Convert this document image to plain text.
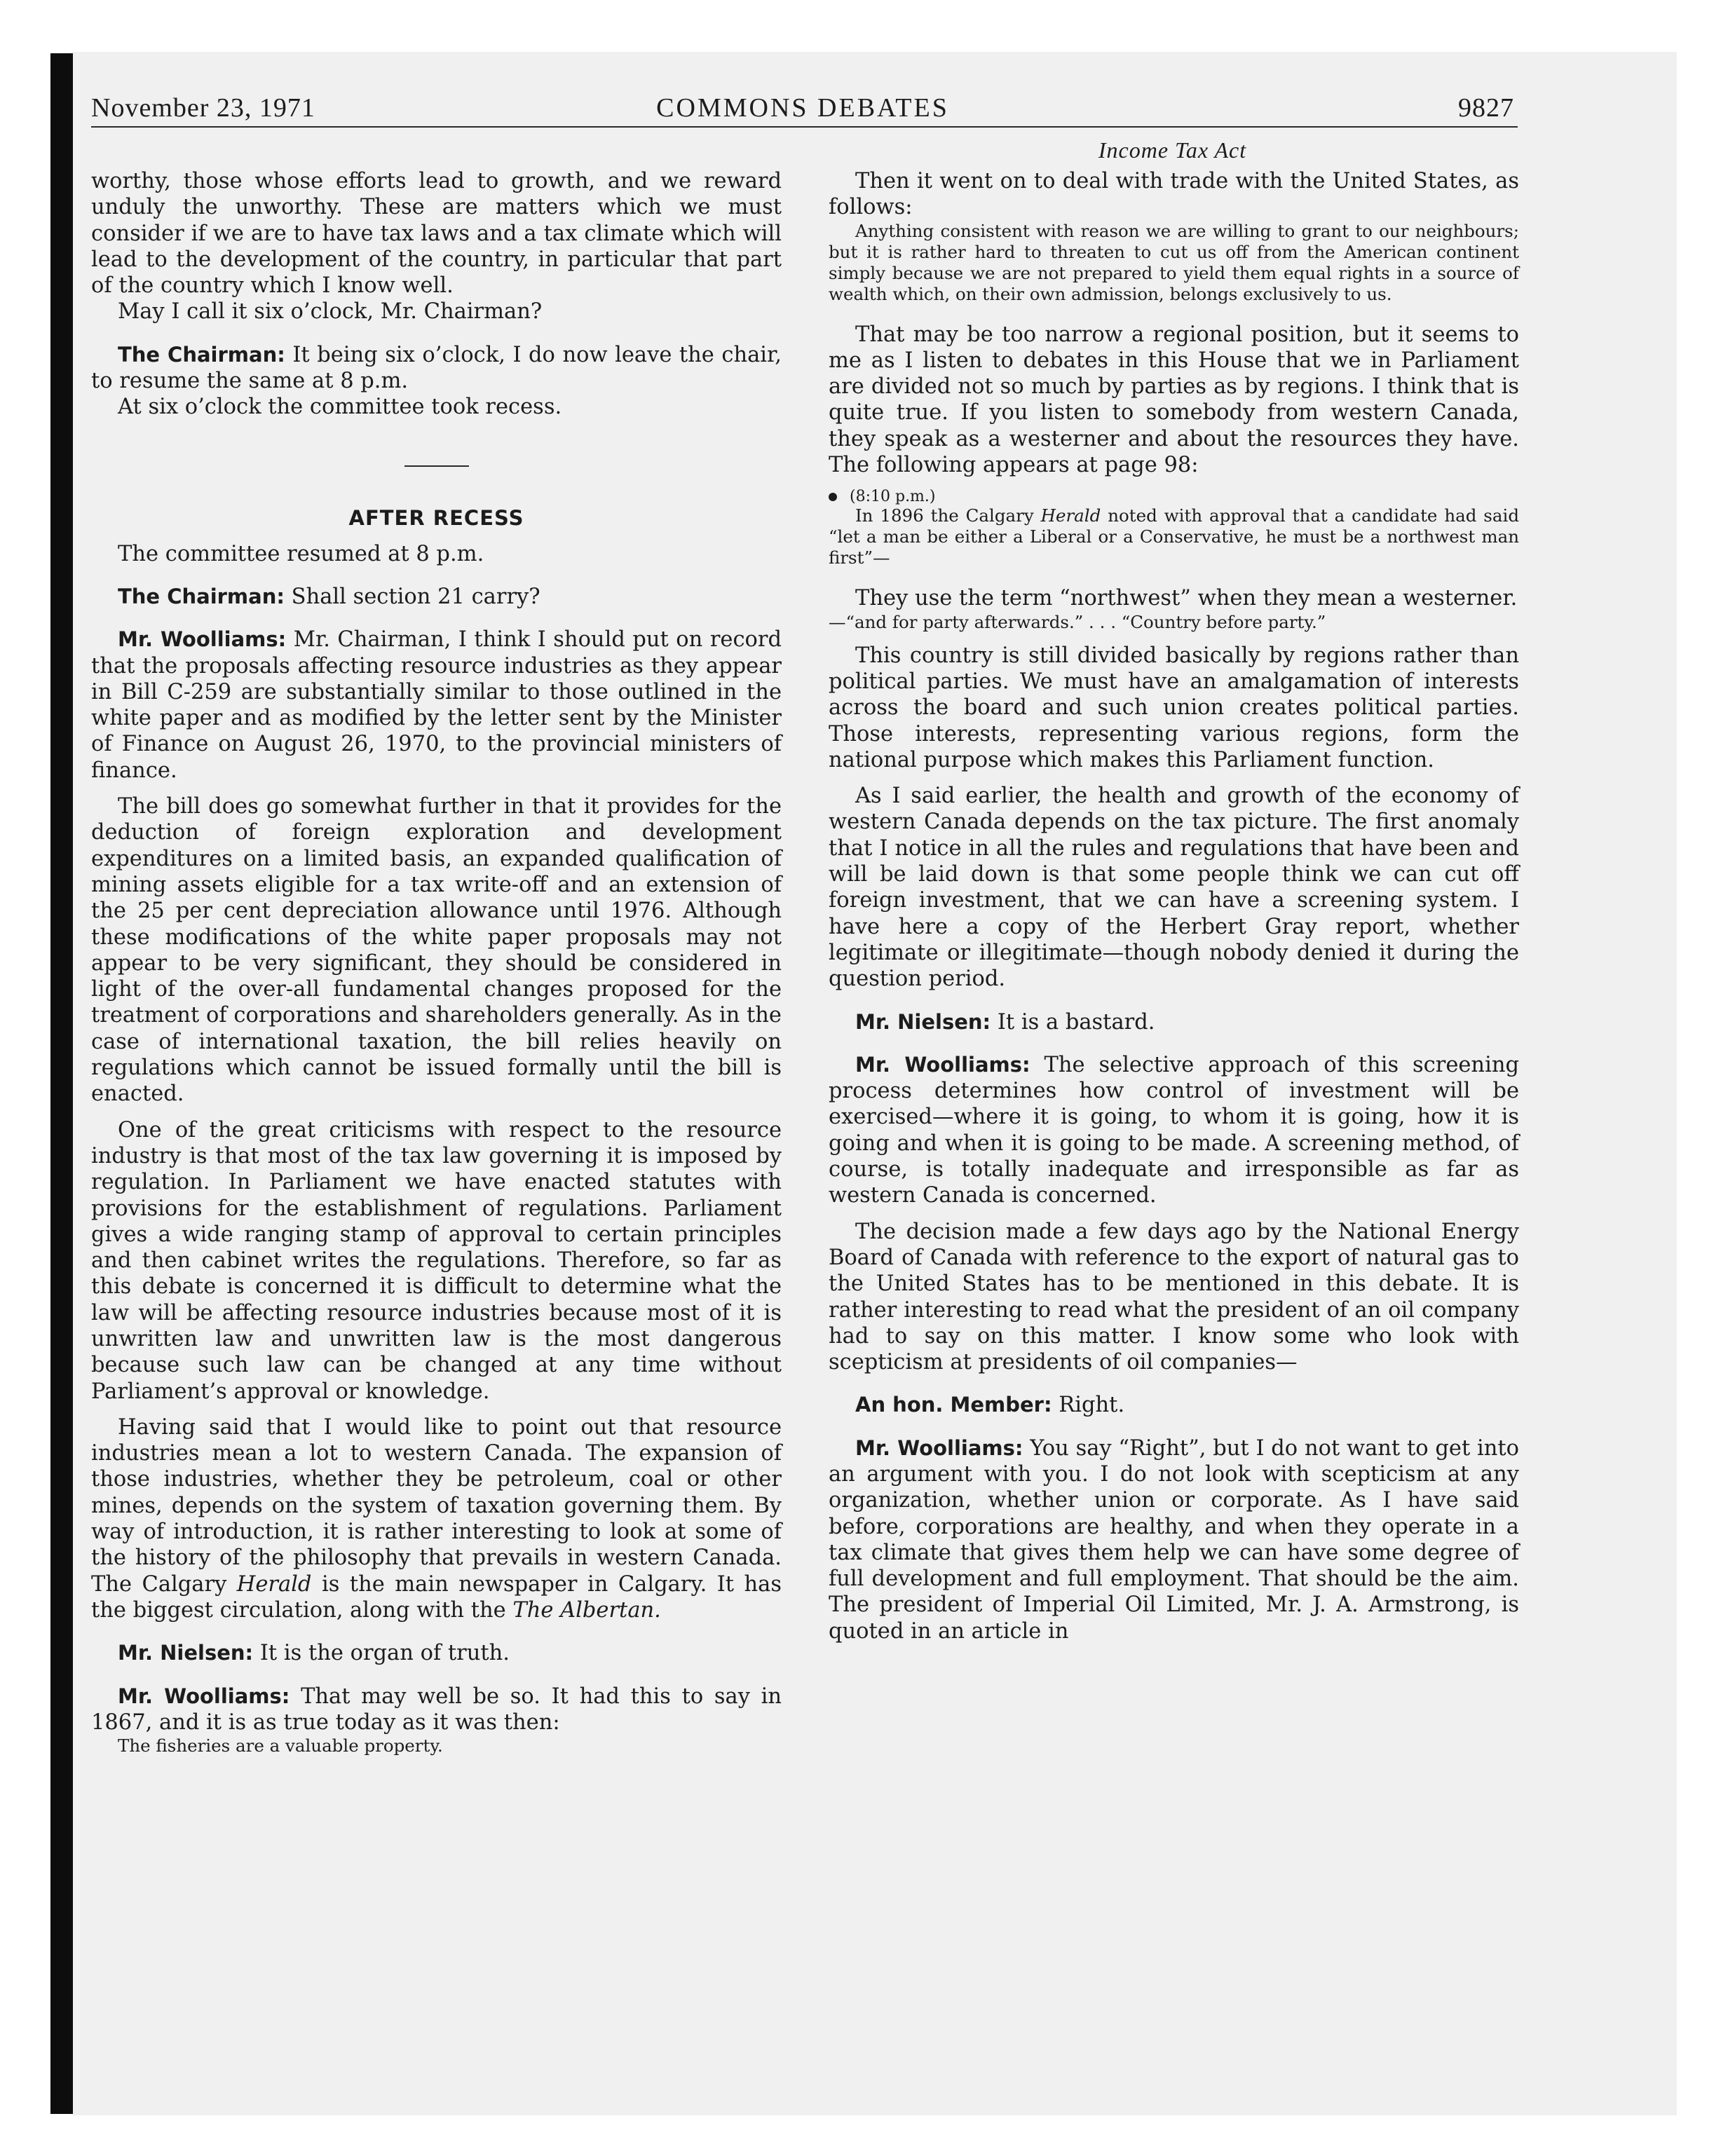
November 23, 1971	COMMONS DEBATES	9827
Income Tax Act

worthy, those whose efforts lead to growth, and we reward unduly the unworthy. These are matters which we must consider if we are to have tax laws and a tax climate which will lead to the development of the country, in particular that part of the country which I know well.

May I call it six o’clock, Mr. Chairman?

The Chairman: It being six o’clock, I do now leave the chair, to resume the same at 8 p.m.

At six o’clock the committee took recess.

AFTER RECESS

The committee resumed at 8 p.m.

The Chairman: Shall section 21 carry?

Mr. Woolliams: Mr. Chairman, I think I should put on record that the proposals affecting resource industries as they appear in Bill C-259 are substantially similar to those outlined in the white paper and as modified by the letter sent by the Minister of Finance on August 26, 1970, to the provincial ministers of finance.

The bill does go somewhat further in that it provides for the deduction of foreign exploration and development expenditures on a limited basis, an expanded qualification of mining assets eligible for a tax write-off and an extension of the 25 per cent depreciation allowance until 1976. Although these modifications of the white paper proposals may not appear to be very significant, they should be considered in light of the over-all fundamental changes proposed for the treatment of corporations and shareholders generally. As in the case of international taxation, the bill relies heavily on regulations which cannot be issued formally until the bill is enacted.

One of the great criticisms with respect to the resource industry is that most of the tax law governing it is imposed by regulation. In Parliament we have enacted statutes with provisions for the establishment of regulations. Parliament gives a wide ranging stamp of approval to certain principles and then cabinet writes the regulations. Therefore, so far as this debate is concerned it is difficult to determine what the law will be affecting resource industries because most of it is unwritten law and unwritten law is the most dangerous because such law can be changed at any time without Parliament’s approval or knowledge.

Having said that I would like to point out that resource industries mean a lot to western Canada. The expansion of those industries, whether they be petroleum, coal or other mines, depends on the system of taxation governing them. By way of introduction, it is rather interesting to look at some of the history of the philosophy that prevails in western Canada. The Calgary Herald is the main newspaper in Calgary. It has the biggest circulation, along with the The Albertan.

Mr. Nielsen: It is the organ of truth.

Mr. Woolliams: That may well be so. It had this to say in 1867, and it is as true today as it was then:

The fisheries are a valuable property.

Then it went on to deal with trade with the United States, as follows:

Anything consistent with reason we are willing to grant to our neighbours; but it is rather hard to threaten to cut us off from the American continent simply because we are not prepared to yield them equal rights in a source of wealth which, on their own admission, belongs exclusively to us.

That may be too narrow a regional position, but it seems to me as I listen to debates in this House that we in Parliament are divided not so much by parties as by regions. I think that is quite true. If you listen to somebody from western Canada, they speak as a westerner and about the resources they have. The following appears at page 98:

(8:10 p.m.)

In 1896 the Calgary Herald noted with approval that a candidate had said “let a man be either a Liberal or a Conservative, he must be a northwest man first”—

They use the term “northwest” when they mean a westerner.

—“and for party afterwards.” . . . “Country before party.”

This country is still divided basically by regions rather than political parties. We must have an amalgamation of interests across the board and such union creates political parties. Those interests, representing various regions, form the national purpose which makes this Parliament function.

As I said earlier, the health and growth of the economy of western Canada depends on the tax picture. The first anomaly that I notice in all the rules and regulations that have been and will be laid down is that some people think we can cut off foreign investment, that we can have a screening system. I have here a copy of the Herbert Gray report, whether legitimate or illegitimate—though nobody denied it during the question period.

Mr. Nielsen: It is a bastard.

Mr. Woolliams: The selective approach of this screening process determines how control of investment will be exercised—where it is going, to whom it is going, how it is going and when it is going to be made. A screening method, of course, is totally inadequate and irresponsible as far as western Canada is concerned.

The decision made a few days ago by the National Energy Board of Canada with reference to the export of natural gas to the United States has to be mentioned in this debate. It is rather interesting to read what the president of an oil company had to say on this matter. I know some who look with scepticism at presidents of oil companies—

An hon. Member: Right.

Mr. Woolliams: You say “Right”, but I do not want to get into an argument with you. I do not look with scepticism at any organization, whether union or corporate. As I have said before, corporations are healthy, and when they operate in a tax climate that gives them help we can have some degree of full development and full employment. That should be the aim. The president of Imperial Oil Limited, Mr. J. A. Armstrong, is quoted in an article in
